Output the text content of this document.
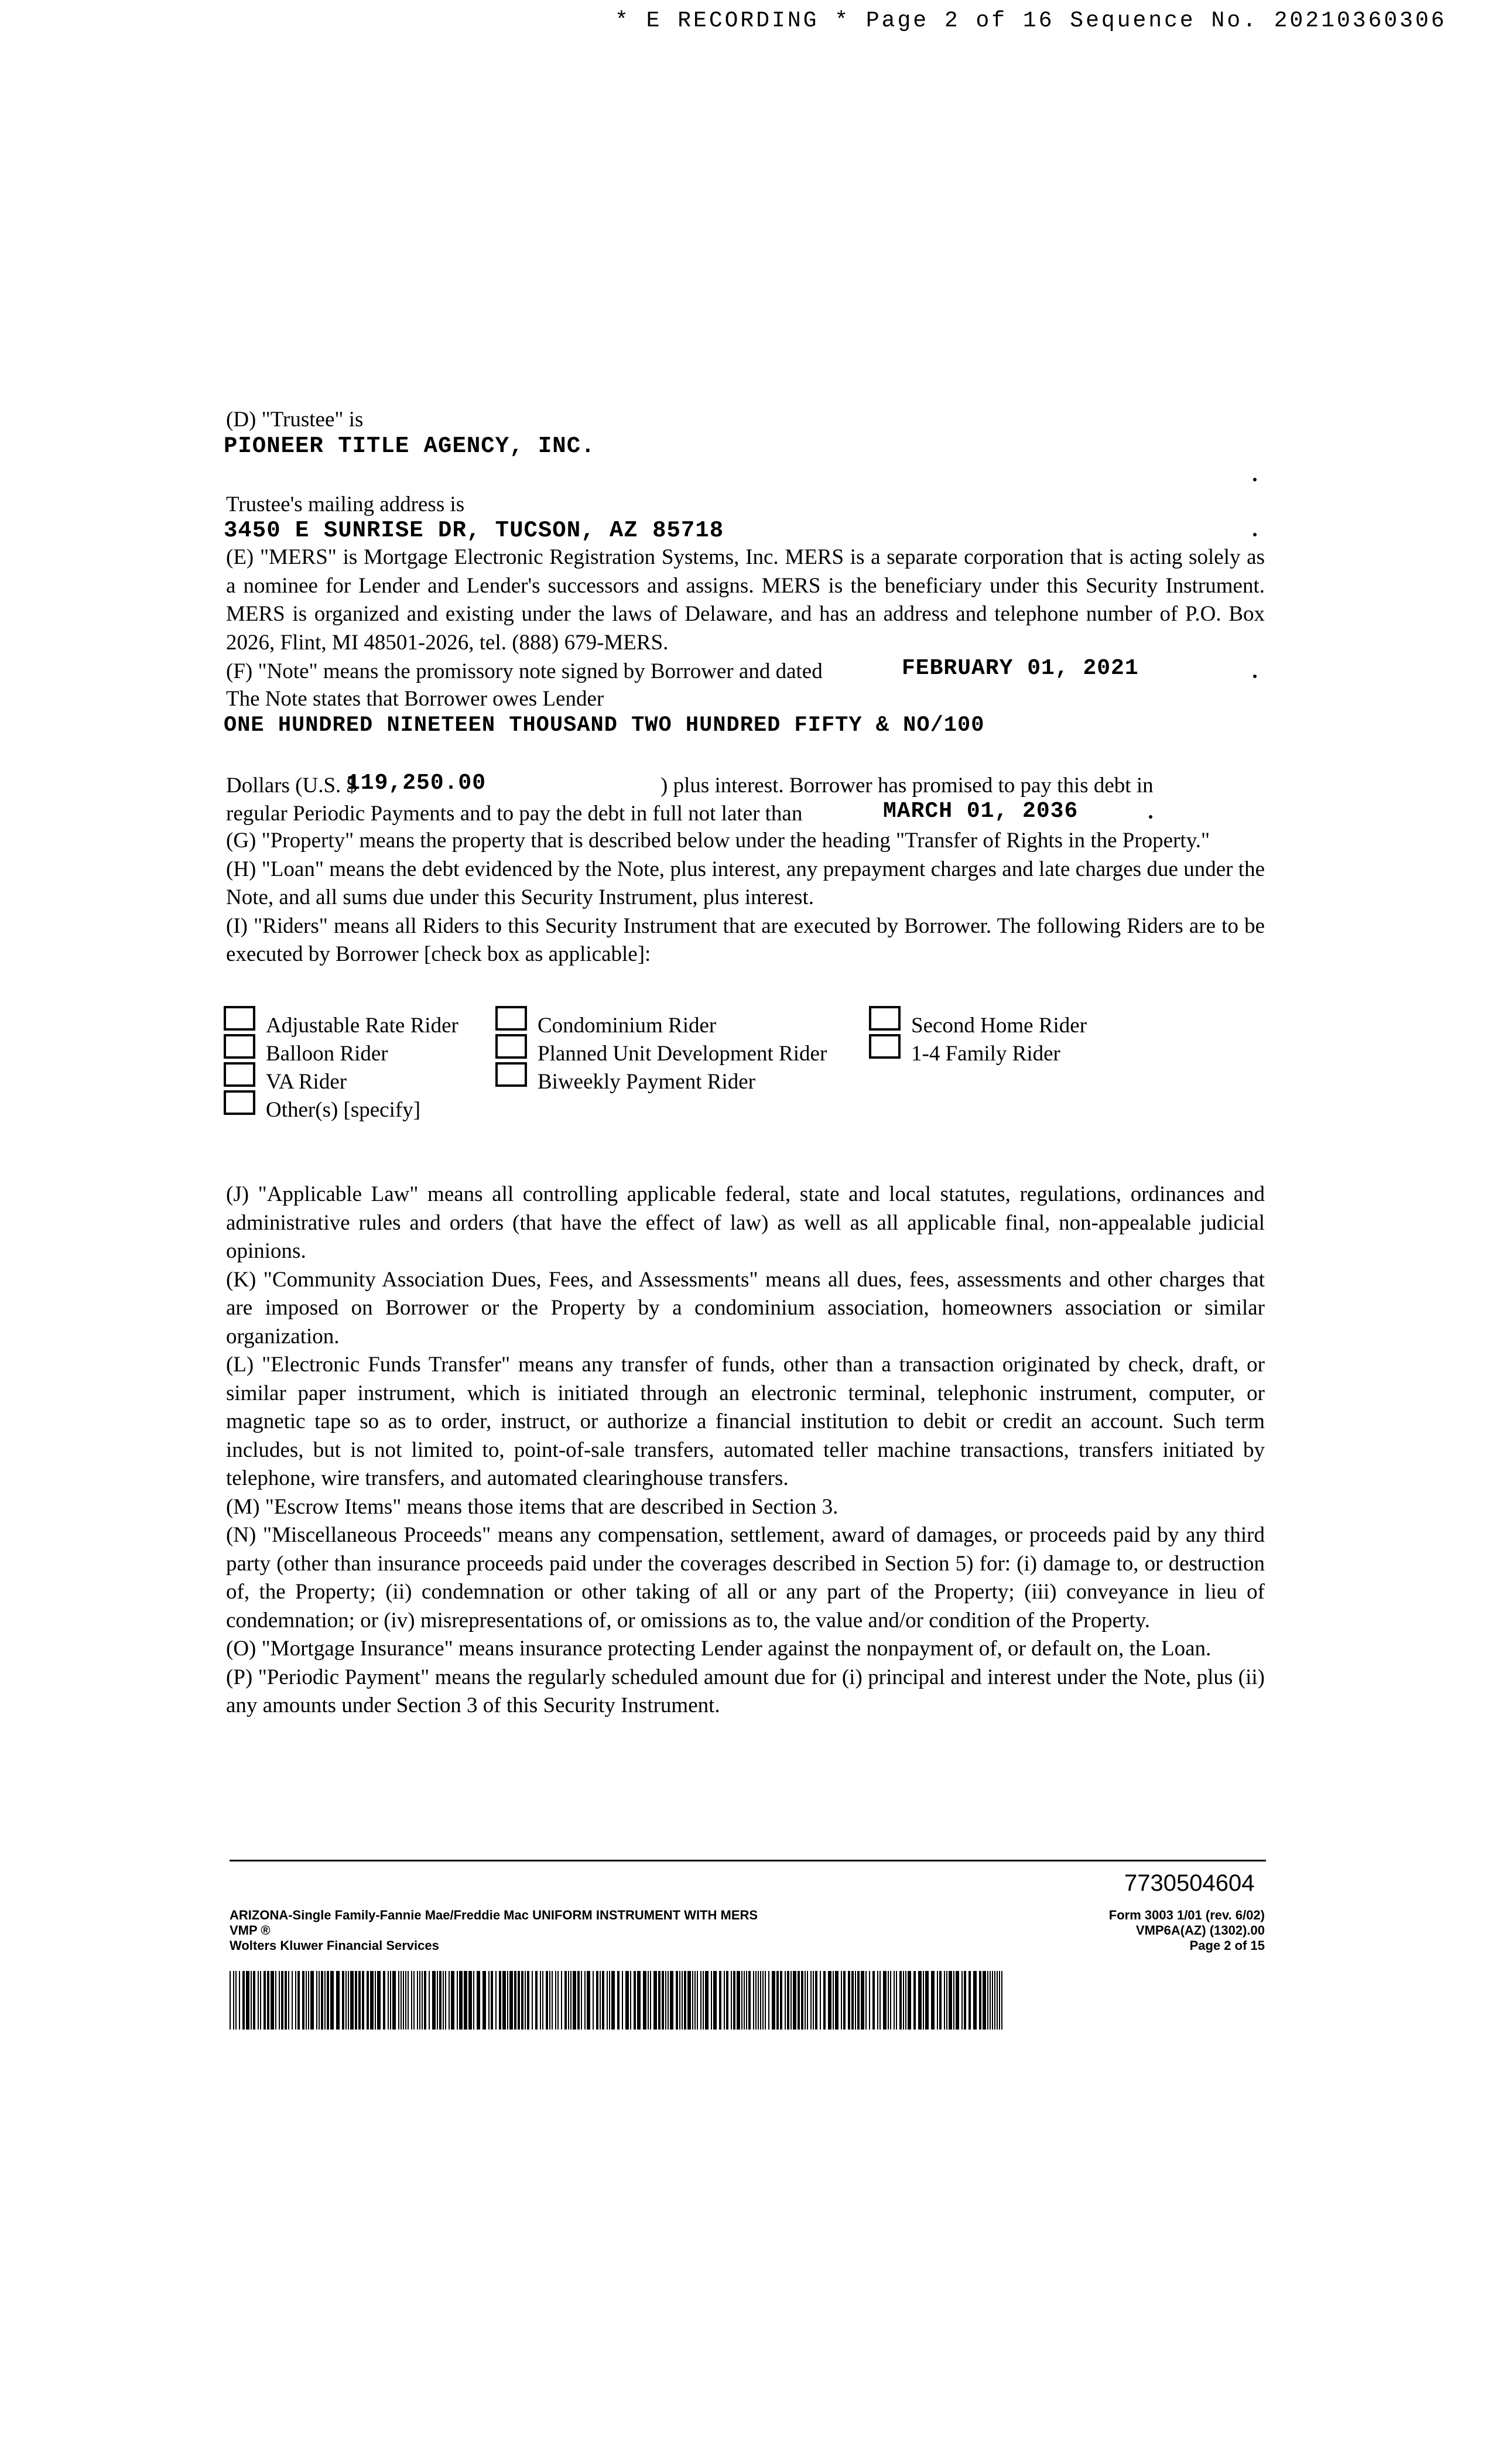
* E RECORDING * Page 2 of 16 Sequence No. 20210360306
(D) "Trustee" is
PIONEER TITLE AGENCY, INC.
Trustee's mailing address is
3450 E SUNRISE DR, TUCSON, AZ 85718

(E) "MERS" is Mortgage Electronic Registration Systems, Inc. MERS is a separate corporation that is acting solely as a nominee for Lender and Lender's successors and assigns. MERS is the beneficiary under this Security Instrument. MERS is organized and existing under the laws of Delaware, and has an address and telephone number of P.O. Box 2026, Flint, MI 48501-2026, tel. (888) 679-MERS.

(F) "Note" means the promissory note signed by Borrower and dated	FEBRUARY 01, 2021
The Note states that Borrower owes Lender
ONE HUNDRED NINETEEN THOUSAND TWO HUNDRED FIFTY & NO/100
Dollars (U.S. $
119,250.00	) plus interest. Borrower has promised to pay this debt in
regular Periodic Payments and to pay the debt in full not later than	MARCH 01, 2036

(G) "Property" means the property that is described below under the heading "Transfer of Rights in the Property."

(H) "Loan" means the debt evidenced by the Note, plus interest, any prepayment charges and late charges due under the Note, and all sums due under this Security Instrument, plus interest.

(I) "Riders" means all Riders to this Security Instrument that are executed by Borrower. The following Riders are to be executed by Borrower [check box as applicable]:

Adjustable Rate Rider	Condominium Rider	Second Home Rider
Balloon Rider	Planned Unit Development Rider	1-4 Family Rider
VA Rider	Biweekly Payment Rider
Other(s) [specify]

(J) "Applicable Law" means all controlling applicable federal, state and local statutes, regulations, ordinances and administrative rules and orders (that have the effect of law) as well as all applicable final, non-appealable judicial opinions.

(K) "Community Association Dues, Fees, and Assessments" means all dues, fees, assessments and other charges that are imposed on Borrower or the Property by a condominium association, homeowners association or similar organization.

(L) "Electronic Funds Transfer" means any transfer of funds, other than a transaction originated by check, draft, or similar paper instrument, which is initiated through an electronic terminal, telephonic instrument, computer, or magnetic tape so as to order, instruct, or authorize a financial institution to debit or credit an account. Such term includes, but is not limited to, point-of-sale transfers, automated teller machine transactions, transfers initiated by telephone, wire transfers, and automated clearinghouse transfers.

(M) "Escrow Items" means those items that are described in Section 3.

(N) "Miscellaneous Proceeds" means any compensation, settlement, award of damages, or proceeds paid by any third party (other than insurance proceeds paid under the coverages described in Section 5) for: (i) damage to, or destruction of, the Property; (ii) condemnation or other taking of all or any part of the Property; (iii) conveyance in lieu of condemnation; or (iv) misrepresentations of, or omissions as to, the value and/or condition of the Property.

(O) "Mortgage Insurance" means insurance protecting Lender against the nonpayment of, or default on, the Loan.

(P) "Periodic Payment" means the regularly scheduled amount due for (i) principal and interest under the Note, plus (ii) any amounts under Section 3 of this Security Instrument.

7730504604
ARIZONA-Single Family-Fannie Mae/Freddie Mac UNIFORM INSTRUMENT WITH MERS
VMP ®
Wolters Kluwer Financial Services
Form 3003 1/01 (rev. 6/02)
VMP6A(AZ) (1302).00
Page 2 of 15
